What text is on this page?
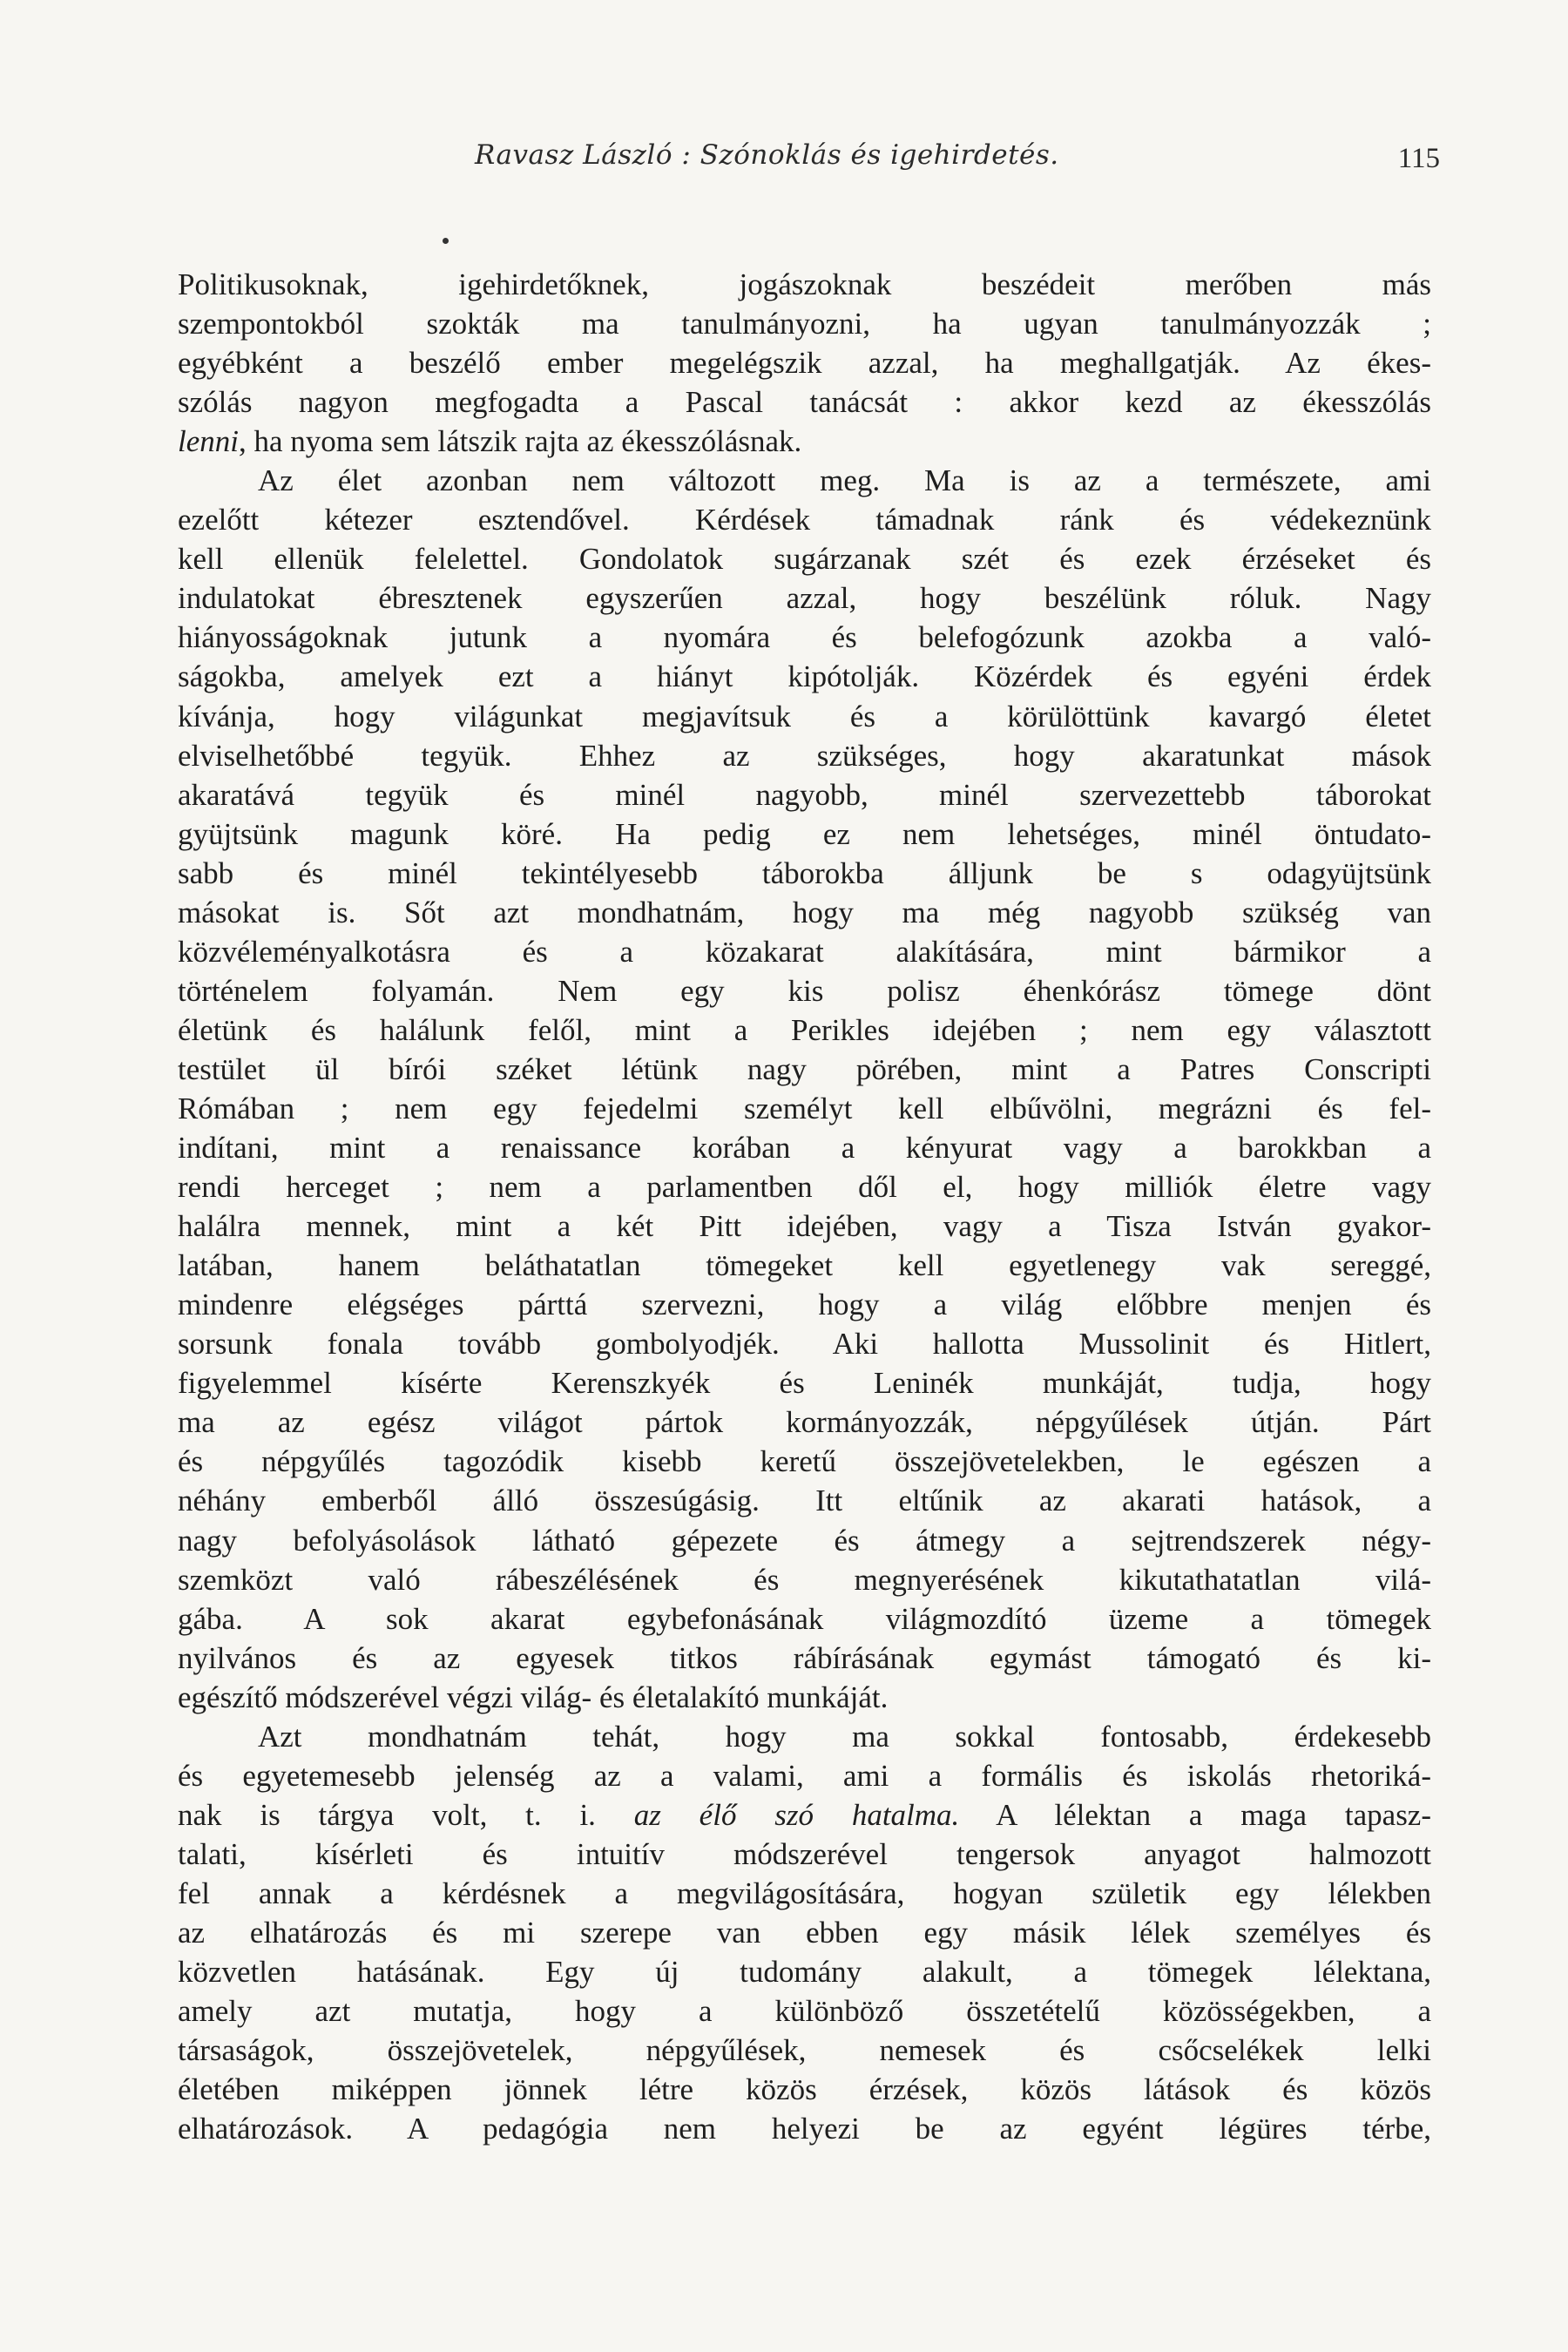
Ravasz László : Szónoklás és igehirdetés.	115
Politikusoknak, igehirdetőknek, jogászoknak beszédeit merőben más
szempontokból szokták ma tanulmányozni, ha ugyan tanulmányozzák ;
egyébként a beszélő ember megelégszik azzal, ha meghallgatják. Az ékes-
szólás nagyon megfogadta a Pascal tanácsát : akkor kezd az ékesszólás
lenni, ha nyoma sem látszik rajta az ékesszólásnak.
Az élet azonban nem változott meg. Ma is az a természete, ami
ezelőtt kétezer esztendővel. Kérdések támadnak ránk és védekeznünk
kell ellenük felelettel. Gondolatok sugárzanak szét és ezek érzéseket és
indulatokat ébresztenek egyszerűen azzal, hogy beszélünk róluk. Nagy
hiányosságoknak jutunk a nyomára és belefogózunk azokba a való-
ságokba, amelyek ezt a hiányt kipótolják. Közérdek és egyéni érdek
kívánja, hogy világunkat megjavítsuk és a körülöttünk kavargó életet
elviselhetőbbé tegyük. Ehhez az szükséges, hogy akaratunkat mások
akaratává tegyük és minél nagyobb, minél szervezettebb táborokat
gyüjtsünk magunk köré. Ha pedig ez nem lehetséges, minél öntudato-
sabb és minél tekintélyesebb táborokba álljunk be s odagyüjtsünk
másokat is. Sőt azt mondhatnám, hogy ma még nagyobb szükség van
közvéleményalkotásra és a közakarat alakítására, mint bármikor a
történelem folyamán. Nem egy kis polisz éhenkórász tömege dönt
életünk és halálunk felől, mint a Perikles idejében ; nem egy választott
testület ül bírói széket létünk nagy pörében, mint a Patres Conscripti
Rómában ; nem egy fejedelmi személyt kell elbűvölni, megrázni és fel-
indítani, mint a renaissance korában a kényurat vagy a barokkban a
rendi herceget ; nem a parlamentben dől el, hogy milliók életre vagy
halálra mennek, mint a két Pitt idejében, vagy a Tisza István gyakor-
latában, hanem beláthatatlan tömegeket kell egyetlenegy vak sereggé,
mindenre elégséges párttá szervezni, hogy a világ előbbre menjen és
sorsunk fonala tovább gombolyodjék. Aki hallotta Mussolinit és Hitlert,
figyelemmel kísérte Kerenszkyék és Leninék munkáját, tudja, hogy
ma az egész világot pártok kormányozzák, népgyűlések útján. Párt
és népgyűlés tagozódik kisebb keretű összejövetelekben, le egészen a
néhány emberből álló összesúgásig. Itt eltűnik az akarati hatások, a
nagy befolyásolások látható gépezete és átmegy a sejtrendszerek négy-
szemközt való rábeszélésének és megnyerésének kikutathatatlan vilá-
gába. A sok akarat egybefonásának világmozdító üzeme a tömegek
nyilvános és az egyesek titkos rábírásának egymást támogató és ki-
egészítő módszerével végzi világ- és életalakító munkáját.
Azt mondhatnám tehát, hogy ma sokkal fontosabb, érdekesebb
és egyetemesebb jelenség az a valami, ami a formális és iskolás rhetoriká-
nak is tárgya volt, t. i. az élő szó hatalma. A lélektan a maga tapasz-
talati, kísérleti és intuitív módszerével tengersok anyagot halmozott
fel annak a kérdésnek a megvilágosítására, hogyan születik egy lélekben
az elhatározás és mi szerepe van ebben egy másik lélek személyes és
közvetlen hatásának. Egy új tudomány alakult, a tömegek lélektana,
amely azt mutatja, hogy a különböző összetételű közösségekben, a
társaságok, összejövetelek, népgyűlések, nemesek és csőcselékek lelki
életében miképpen jönnek létre közös érzések, közös látások és közös
elhatározások. A pedagógia nem helyezi be az egyént légüres térbe,
